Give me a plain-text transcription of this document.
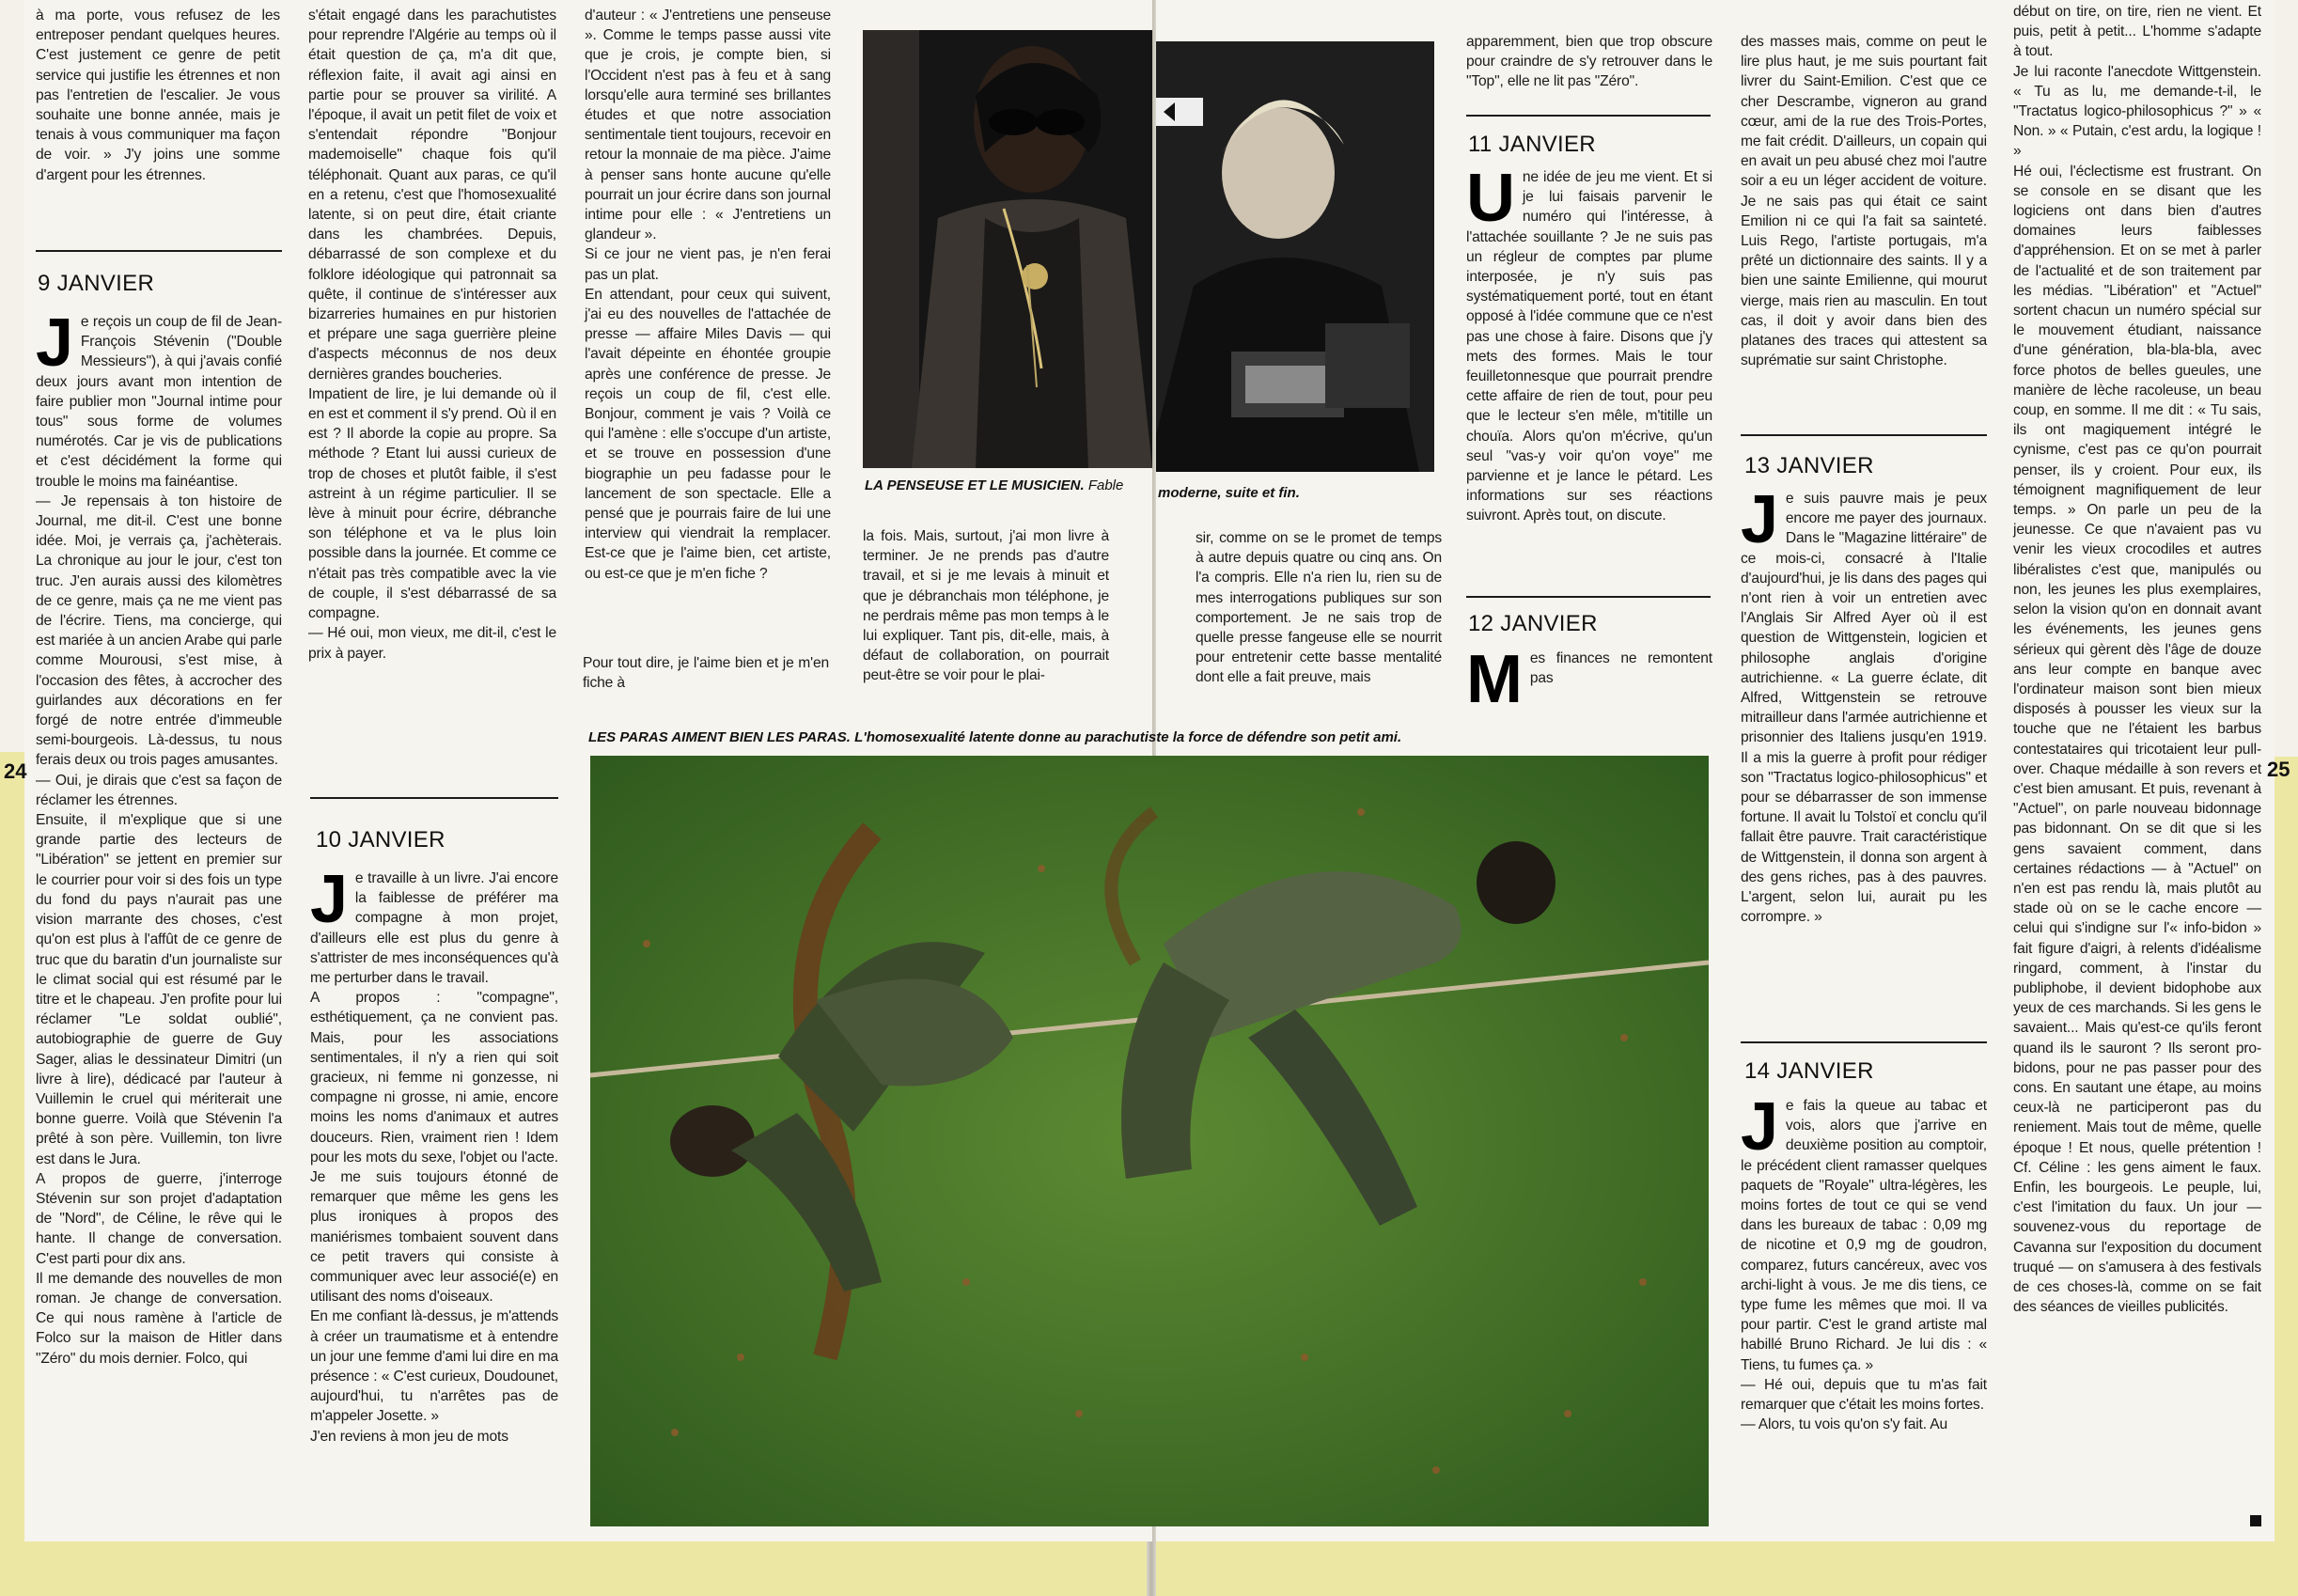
24	25

à ma porte, vous refusez de les entreposer pendant quelques heures. C'est justement ce genre de petit service qui justifie les étrennes et non pas l'entretien de l'escalier. Je vous souhaite une bonne année, mais je tenais à vous communiquer ma façon de voir. » J'y joins une somme d'argent pour les étrennes.

9 JANVIER
Je reçois un coup de fil de Jean-François Stévenin ("Double Messieurs"), à qui j'avais confié deux jours avant mon intention de faire publier mon "Journal intime pour tous" sous forme de volumes numérotés. Car je vis de publications et c'est décidément la forme qui trouble le moins ma fainéantise.
— Je repensais à ton histoire de Journal, me dit-il. C'est une bonne idée. Moi, je verrais ça, j'achèterais. La chronique au jour le jour, c'est ton truc. J'en aurais aussi des kilomètres de ce genre, mais ça ne me vient pas de l'écrire. Tiens, ma concierge, qui est mariée à un ancien Arabe qui parle comme Mourousi, s'est mise, à l'occasion des fêtes, à accrocher des guirlandes aux décorations en fer forgé de notre entrée d'immeuble semi-bourgeois. Là-dessus, tu nous ferais deux ou trois pages amusantes.
— Oui, je dirais que c'est sa façon de réclamer les étrennes.
Ensuite, il m'explique que si une grande partie des lecteurs de "Libération" se jettent en premier sur le courrier pour voir si des fois un type du fond du pays n'aurait pas une vision marrante des choses, c'est qu'on est plus à l'affût de ce genre de truc que du baratin d'un journaliste sur le climat social qui est résumé par le titre et le chapeau. J'en profite pour lui réclamer "Le soldat oublié", autobiographie de guerre de Guy Sager, alias le dessinateur Dimitri (un livre à lire), dédicacé par l'auteur à Vuillemin le cruel qui mériterait une bonne guerre. Voilà que Stévenin l'a prêté à son père. Vuillemin, ton livre est dans le Jura.
A propos de guerre, j'interroge Stévenin sur son projet d'adaptation de "Nord", de Céline, le rêve qui le hante. Il change de conversation. C'est parti pour dix ans.
Il me demande des nouvelles de mon roman. Je change de conversation. Ce qui nous ramène à l'article de Folco sur la maison de Hitler dans "Zéro" du mois dernier. Folco, qui
s'était engagé dans les parachutistes pour reprendre l'Algérie au temps où il était question de ça, m'a dit que, réflexion faite, il avait agi ainsi en partie pour se prouver sa virilité. A l'époque, il avait un petit filet de voix et s'entendait répondre "Bonjour mademoiselle" chaque fois qu'il téléphonait. Quant aux paras, ce qu'il en a retenu, c'est que l'homosexualité latente, si on peut dire, était criante dans les chambrées. Depuis, débarrassé de son complexe et du folklore idéologique qui patronnait sa quête, il continue de s'intéresser aux bizarreries humaines en pur historien et prépare une saga guerrière pleine d'aspects méconnus de nos deux dernières grandes boucheries.
Impatient de lire, je lui demande où il en est et comment il s'y prend. Où il en est ? Il aborde la copie au propre. Sa méthode ? Etant lui aussi curieux de trop de choses et plutôt faible, il s'est astreint à un régime particulier. Il se lève à minuit pour écrire, débranche son téléphone et va le plus loin possible dans la journée. Et comme ce n'était pas très compatible avec la vie de couple, il s'est débarrassé de sa compagne.
— Hé oui, mon vieux, me dit-il, c'est le prix à payer.
10 JANVIER
Je travaille à un livre. J'ai encore la faiblesse de préférer ma compagne à mon projet, d'ailleurs elle est plus du genre à s'attrister de mes inconséquences qu'à me perturber dans le travail.
A propos : "compagne", esthétiquement, ça ne convient pas. Mais, pour les associations sentimentales, il n'y a rien qui soit gracieux, ni femme ni gonzesse, ni compagne ni grosse, ni amie, encore moins les noms d'animaux et autres douceurs. Rien, vraiment rien ! Idem pour les mots du sexe, l'objet ou l'acte. Je me suis toujours étonné de remarquer que même les gens les plus ironiques à propos des maniérismes tombaient souvent dans ce petit travers qui consiste à communiquer avec leur associé(e) en utilisant des noms d'oiseaux.
En me confiant là-dessus, je m'attends à créer un traumatisme et à entendre un jour une femme d'ami lui dire en ma présence : « C'est curieux, Doudounet, aujourd'hui, tu n'arrêtes pas de m'appeler Josette. »
J'en reviens à mon jeu de mots
d'auteur : « J'entretiens une penseuse ». Comme le temps passe aussi vite que je crois, je compte bien, si l'Occident n'est pas à feu et à sang lorsqu'elle aura terminé ses brillantes études et que notre association sentimentale tient toujours, recevoir en retour la monnaie de ma pièce. J'aime à penser sans honte aucune qu'elle pourrait un jour écrire dans son journal intime pour elle : « J'entretiens un glandeur ».
Si ce jour ne vient pas, je n'en ferai pas un plat.
En attendant, pour ceux qui suivent, j'ai eu des nouvelles de l'attachée de presse — affaire Miles Davis — qui l'avait dépeinte en éhontée groupie après une conférence de presse. Je reçois un coup de fil, c'est elle. Bonjour, comment je vais ? Voilà ce qui l'amène : elle s'occupe d'un artiste, et se trouve en possession d'une biographie un peu fadasse pour le lancement de son spectacle. Elle a pensé que je pourrais faire de lui une interview qui viendrait la remplacer. Est-ce que je l'aime bien, cet artiste, ou est-ce que je m'en fiche ?
Pour tout dire, je l'aime bien et je m'en fiche à
LA PENSEUSE ET LE MUSICIEN. Fable	moderne, suite et fin.
la fois. Mais, surtout, j'ai mon livre à terminer. Je ne prends pas d'autre travail, et si je me levais à minuit et que je débranchais mon téléphone, je ne perdrais même pas mon temps à le lui expliquer. Tant pis, dit-elle, mais, à défaut de collaboration, on pourrait peut-être se voir pour le plai-
sir, comme on se le promet de temps à autre depuis quatre ou cinq ans. On l'a compris. Elle n'a rien lu, rien su de mes interrogations publiques sur son comportement. Je ne sais trop de quelle presse fangeuse elle se nourrit pour entretenir cette basse mentalité dont elle a fait preuve, mais
LES PARAS AIMENT BIEN LES PARAS. L'homosexualité latente donne au parachutiste la force de défendre son petit ami.
apparemment, bien que trop obscure pour craindre de s'y retrouver dans le "Top", elle ne lit pas "Zéro".
11 JANVIER
Une idée de jeu me vient. Et si je lui faisais parvenir le numéro qui l'intéresse, à l'attachée souillante ? Je ne suis pas un régleur de comptes par plume interposée, je n'y suis pas systématiquement porté, tout en étant opposé à l'idée commune que ce n'est pas une chose à faire. Disons que j'y mets des formes. Mais le tour feuilletonnesque que pourrait prendre cette affaire de rien de tout, pour peu que le lecteur s'en mêle, m'titille un chouïa. Alors qu'on m'écrive, qu'un seul "vas-y voir qu'on voye" me parvienne et je lance le pétard. Les informations sur ses réactions suivront. Après tout, on discute.
12 JANVIER
Mes finances ne remontent pas
des masses mais, comme on peut le lire plus haut, je me suis pourtant fait livrer du Saint-Emilion. C'est que ce cher Descrambe, vigneron au grand cœur, ami de la rue des Trois-Portes, me fait crédit. D'ailleurs, un copain qui en avait un peu abusé chez moi l'autre soir a eu un léger accident de voiture. Je ne sais pas qui était ce saint Emilion ni ce qui l'a fait sa sainteté. Luis Rego, l'artiste portugais, m'a prêté un dictionnaire des saints. Il y a bien une sainte Emilienne, qui mourut vierge, mais rien au masculin. En tout cas, il doit y avoir dans bien des platanes des traces qui attestent sa suprématie sur saint Christophe.
13 JANVIER
Je suis pauvre mais je peux encore me payer des journaux. Dans le "Magazine littéraire" de ce mois-ci, consacré à l'Italie d'aujourd'hui, je lis dans des pages qui n'ont rien à voir un entretien avec l'Anglais Sir Alfred Ayer où il est question de Wittgenstein, logicien et philosophe anglais d'origine autrichienne. « La guerre éclate, dit Alfred, Wittgenstein se retrouve mitrailleur dans l'armée autrichienne et prisonnier des Italiens jusqu'en 1919. Il a mis la guerre à profit pour rédiger son "Tractatus logico-philosophicus" et pour se débarrasser de son immense fortune. Il avait lu Tolstoï et conclu qu'il fallait être pauvre. Trait caractéristique de Wittgenstein, il donna son argent à des gens riches, pas à des pauvres. L'argent, selon lui, aurait pu les corrompre. »
14 JANVIER
Je fais la queue au tabac et vois, alors que j'arrive en deuxième position au comptoir, le précédent client ramasser quelques paquets de "Royale" ultra-légères, les moins fortes de tout ce qui se vend dans les bureaux de tabac : 0,09 mg de nicotine et 0,9 mg de goudron, comparez, futurs cancéreux, avec vos archi-light à vous. Je me dis tiens, ce type fume les mêmes que moi. Il va pour partir. C'est le grand artiste mal habillé Bruno Richard. Je lui dis : « Tiens, tu fumes ça. »
— Hé oui, depuis que tu m'as fait remarquer que c'était les moins fortes.
— Alors, tu vois qu'on s'y fait. Au
début on tire, on tire, rien ne vient. Et puis, petit à petit... L'homme s'adapte à tout.
Je lui raconte l'anecdote Wittgenstein. « Tu as lu, me demande-t-il, le "Tractatus logico-philosophicus ?" » « Non. » « Putain, c'est ardu, la logique ! »
Hé oui, l'éclectisme est frustrant. On se console en se disant que les logiciens ont dans bien d'autres domaines leurs faiblesses d'appréhension. Et on se met à parler de l'actualité et de son traitement par les médias. "Libération" et "Actuel" sortent chacun un numéro spécial sur le mouvement étudiant, naissance d'une génération, bla-bla-bla, avec force photos de belles gueules, une manière de lèche racoleuse, un beau coup, en somme. Il me dit : « Tu sais, ils ont magiquement intégré le cynisme, c'est pas ce qu'on pourrait penser, ils y croient. Pour eux, ils témoignent magnifiquement de leur temps. » On parle un peu de la jeunesse. Ce que n'avaient pas vu venir les vieux crocodiles et autres libéralistes c'est que, manipulés ou non, les jeunes les plus exemplaires, selon la vision qu'on en donnait avant les événements, les jeunes gens sérieux qui gèrent dès l'âge de douze ans leur compte en banque avec l'ordinateur maison sont bien mieux disposés à pousser les vieux sur la touche que ne l'étaient les barbus contestataires qui tricotaient leur pull-over. Chaque médaille à son revers et c'est bien amusant. Et puis, revenant à "Actuel", on parle nouveau bidonnage pas bidonnant. On se dit que si les gens savaient comment, dans certaines rédactions — à "Actuel" on n'en est pas rendu là, mais plutôt au stade où on se le cache encore — celui qui s'indigne sur l'« info-bidon » fait figure d'aigri, à relents d'idéalisme ringard, comment, à l'instar du publiphobe, il devient bidophobe aux yeux de ces marchands. Si les gens le savaient... Mais qu'est-ce qu'ils feront quand ils le sauront ? Ils seront pro-bidons, pour ne pas passer pour des cons. En sautant une étape, au moins ceux-là ne participeront pas du reniement. Mais tout de même, quelle époque ! Et nous, quelle prétention ! Cf. Céline : les gens aiment le faux. Enfin, les bourgeois. Le peuple, lui, c'est l'imitation du faux. Un jour — souvenez-vous du reportage de Cavanna sur l'exposition du document truqué — on s'amusera à des festivals de ces choses-là, comme on se fait des séances de vieilles publicités.
